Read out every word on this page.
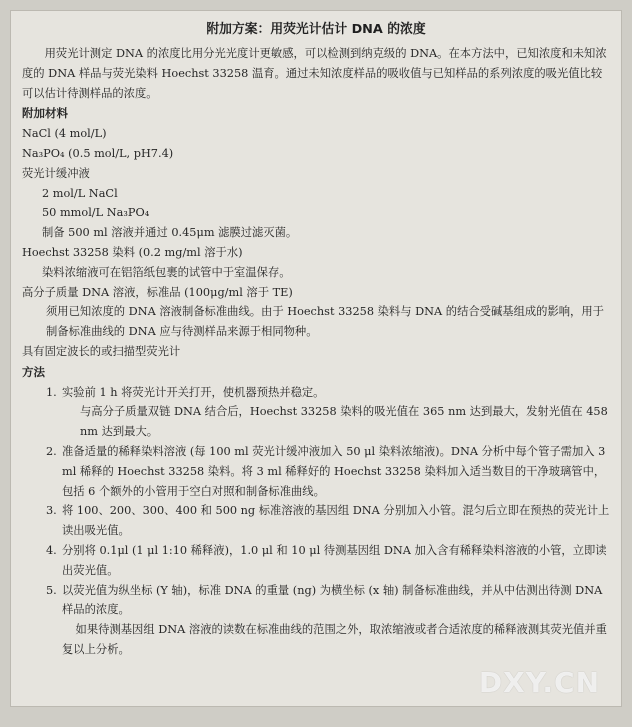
附加方案：用荧光计估计 DNA 的浓度

用荧光计测定 DNA 的浓度比用分光光度计更敏感，可以检测到纳克级的 DNA。在本方法中，已知浓度和未知浓度的 DNA 样品与荧光染料 Hoechst 33258 温育。通过未知浓度样品的吸收值与已知样品的系列浓度的吸光值比较可以估计待测样品的浓度。

附加材料

NaCl (4 mol/L)

Na₃PO₄ (0.5 mol/L, pH7.4)

荧光计缓冲液

2 mol/L NaCl

50 mmol/L Na₃PO₄

制备 500 ml 溶液并通过 0.45μm 滤膜过滤灭菌。

Hoechst 33258 染料 (0.2 mg/ml 溶于水)

染料浓缩液可在铝箔纸包裹的试管中于室温保存。

高分子质量 DNA 溶液，标准品 (100μg/ml 溶于 TE)

须用已知浓度的 DNA 溶液制备标准曲线。由于 Hoechst 33258 染料与 DNA 的结合受碱基组成的影响，用于制备标准曲线的 DNA 应与待测样品来源于相同物种。

具有固定波长的或扫描型荧光计

方法
1. 实验前 1 h 将荧光计开关打开，使机器预热并稳定。
与高分子质量双链 DNA 结合后，Hoechst 33258 染料的吸光值在 365 nm 达到最大，发射光值在 458 nm 达到最大。
2. 准备适量的稀释染料溶液 (每 100 ml 荧光计缓冲液加入 50 μl 染料浓缩液)。DNA 分析中每个管子需加入 3 ml 稀释的 Hoechst 33258 染料。将 3 ml 稀释好的 Hoechst 33258 染料加入适当数目的干净玻璃管中，包括 6 个额外的小管用于空白对照和制备标准曲线。
3. 将 100、200、300、400 和 500 ng 标准溶液的基因组 DNA 分别加入小管。混匀后立即在预热的荧光计上读出吸光值。
4. 分别将 0.1μl (1 μl 1:10 稀释液)，1.0 μl 和 10 μl 待测基因组 DNA 加入含有稀释染料溶液的小管，立即读出荧光值。
5. 以荧光值为纵坐标 (Y 轴)，标准 DNA 的重量 (ng) 为横坐标 (x 轴) 制备标准曲线，并从中估测出待测 DNA 样品的浓度。

如果待测基因组 DNA 溶液的读数在标准曲线的范围之外，取浓缩液或者合适浓度的稀释液测其荧光值并重复以上分析。

DXY.CN
